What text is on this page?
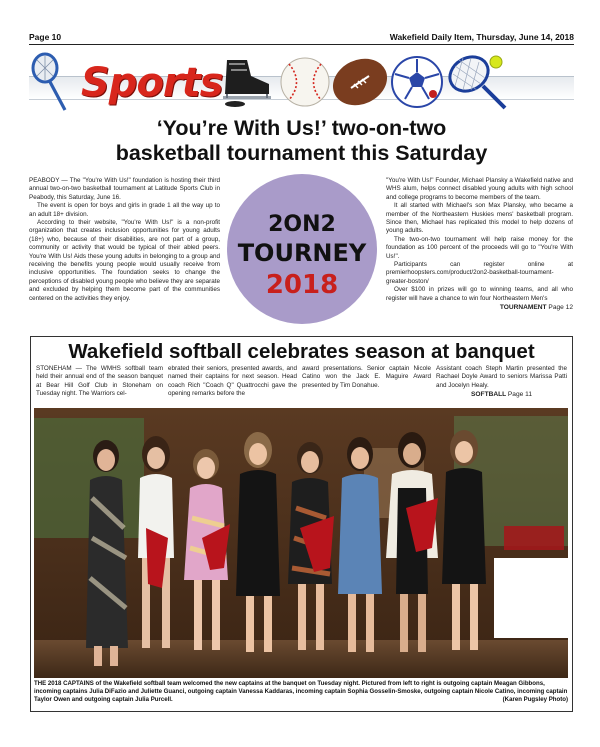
Page 10	Wakefield Daily Item, Thursday, June 14, 2018
Sports
‘You’re With Us!’ two-on-two
basketball tournament this Saturday

PEABODY — The "You're With Us!" foundation is hosting their third annual two-on-two basketball tournament at Latitude Sports Club in Peabody, this Saturday, June 16.

The event is open for boys and girls in grade 1 all the way up to an adult 18+ division.

According to their website, "You're With Us!" is a non-profit organization that creates inclusion opportunities for young adults (18+) who, because of their disabilities, are not part of a group, community or activity that would be typical of their abled peers. You're With Us! Aids these young adults in belonging to a group and receiving the benefits young people would usually receive from inclusive opportunities. The foundation seeks to change the perceptions of disabled young people who believe they are separate and excluded by helping them become part of the communities centered on the activities they enjoy.

2ON2
TOURNEY
2018

"You're With Us!" Founder, Michael Plansky a Wakefield native and WHS alum, helps connect disabled young adults with high school and college programs to become members of the team.

It all started with Michael's son Max Plansky, who became a member of the Northeastern Huskies mens' basketball program. Since then, Michael has replicated this model to help dozens of young adults.

The two-on-two tournament will help raise money for the foundation as 100 percent of the proceeds will go to "You're With Us!".

Participants can register online at premierhoopsters.com/product/2on2-basketball-tournament-greater-boston/

Over $100 in prizes will go to winning teams, and all who register will have a chance to win four Northeastern Men's

TOURNAMENT Page 12
Wakefield softball celebrates season at banquet

STONEHAM — The WMHS softball team held their annual end of the season banquet at Bear Hill Golf Club in Stoneham on Tuesday night. The Warriors cel-

ebrated their seniors, presented awards, and named their captains for next season. Head coach Rich "Coach Q" Quattrocchi gave the opening remarks before the

award presentations. Senior captain Nicole Catino won the Jack E. Maguire Award presented by Tim Donahue.

Assistant coach Steph Martin presented the Rachael Doyle Award to seniors Marissa Patti and Jocelyn Healy.

SOFTBALL Page 11
THE 2018 CAPTAINS of the Wakefield softball team welcomed the new captains at the banquet on Tuesday night. Pictured from left to right is outgoing captain Meagan Gibbons, incoming captains Julia DiFazio and Juliette Guanci, outgoing captain Vanessa Kaddaras, incoming captain Sophia Gosselin-Smoske, outgoing captain Nicole Catino, incoming captain Taylor Owen and outgoing captain Julia Purcell.	(Karen Pugsley Photo)
